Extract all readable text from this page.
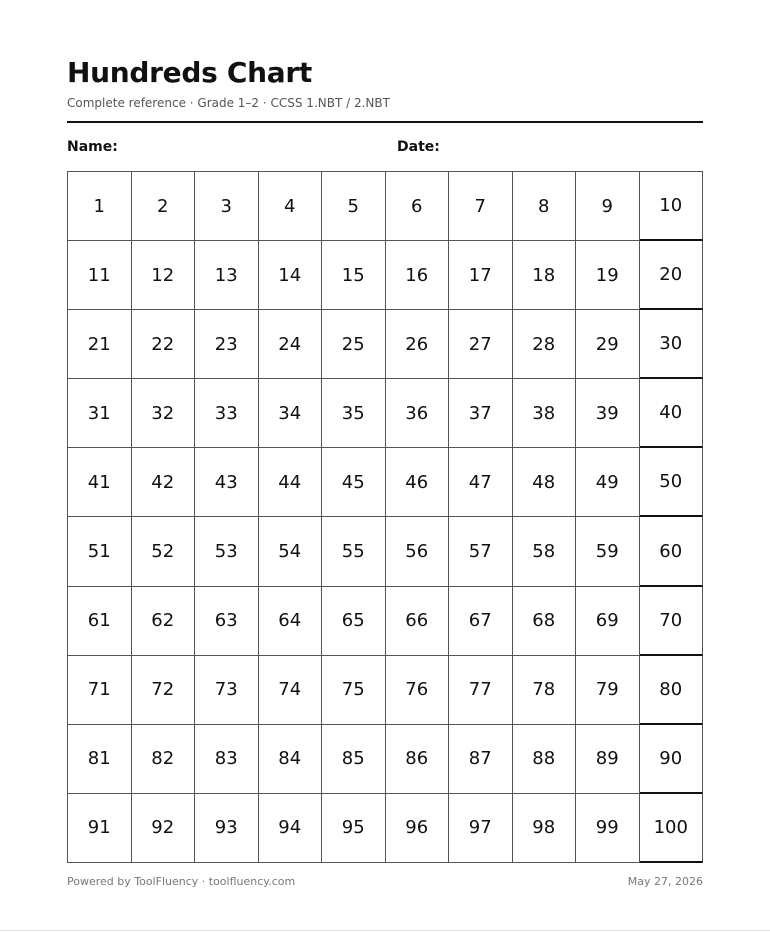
Hundreds Chart
Complete reference · Grade 1–2 · CCSS 1.NBT / 2.NBT
Name:	Date:
1	2	3	4	5	6	7	8	9	10
11	12	13	14	15	16	17	18	19	20
21	22	23	24	25	26	27	28	29	30
31	32	33	34	35	36	37	38	39	40
41	42	43	44	45	46	47	48	49	50
51	52	53	54	55	56	57	58	59	60
61	62	63	64	65	66	67	68	69	70
71	72	73	74	75	76	77	78	79	80
81	82	83	84	85	86	87	88	89	90
91	92	93	94	95	96	97	98	99	100
Powered by ToolFluency · toolfluency.com	May 27, 2026
